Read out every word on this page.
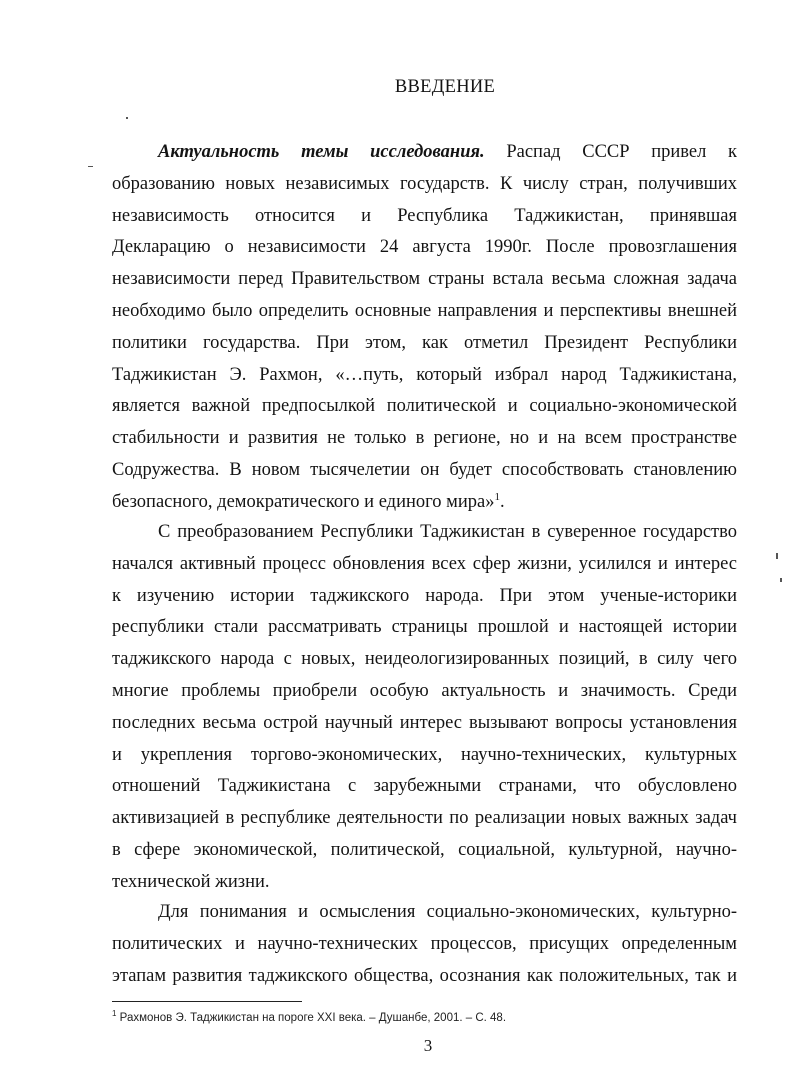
ВВЕДЕНИЕ
Актуальность темы исследования. Распад СССР привел к
образованию новых независимых государств. К числу стран, получивших
независимость относится и Республика Таджикистан, принявшая
Декларацию о независимости 24 августа 1990г. После провозглашения
независимости перед Правительством страны встала весьма сложная задача
необходимо было определить основные направления и перспективы внешней
политики государства. При этом, как отметил Президент Республики
Таджикистан Э. Рахмон, «…путь, который избрал народ Таджикистана,
является важной предпосылкой политической и социально-экономической
стабильности и развития не только в регионе, но и на всем пространстве
Содружества. В новом тысячелетии он будет способствовать становлению
безопасного, демократического и единого мира»$^1$.
С преобразованием Республики Таджикистан в суверенное государство
начался активный процесс обновления всех сфер жизни, усилился и интерес
к изучению истории таджикского народа. При этом ученые-историки
республики стали рассматривать страницы прошлой и настоящей истории
таджикского народа с новых, неидеологизированных позиций, в силу чего
многие проблемы приобрели особую актуальность и значимость. Среди
последних весьма острой научный интерес вызывают вопросы установления
и укрепления торгово-экономических, научно-технических, культурных
отношений Таджикистана с зарубежными странами, что обусловлено
активизацией в республике деятельности по реализации новых важных задач
в сфере экономической, политической, социальной, культурной, научно-
технической жизни.
Для понимания и осмысления социально-экономических, культурно-
политических и научно-технических процессов, присущих определенным
этапам развития таджикского общества, осознания как положительных, так и
$^1$ Рахмонов Э. Таджикистан на пороге XXI века. – Душанбе, 2001. – С. 48.
3
